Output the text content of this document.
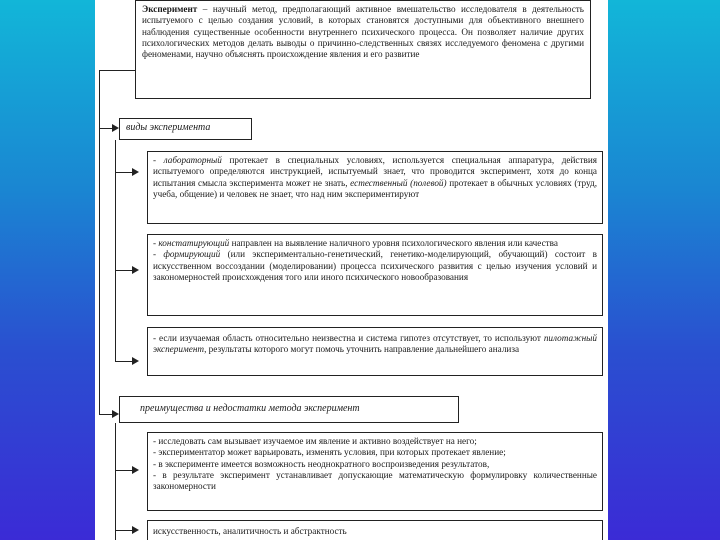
Эксперимент – научный метод, предполагающий активное вмешательство исследователя в деятельность испытуемого с целью создания условий, в которых становятся доступными для объективного внешнего наблюдения существенные особенности внутреннего психического процесса. Он позволяет наличие других психологических методов делать выводы о причинно-следственных связях исследуемого феномена с другими феноменами, научно объяснять происхождение явления и его развитие

виды эксперимента

- лабораторный протекает в специальных условиях, используется специальная аппаратура, действия испытуемого определяются инструкцией, испытуемый знает, что проводится эксперимент, хотя до конца испытания смысла эксперимента может не знать, естественный (полевой) протекает в обычных условиях (труд, учеба, общение) и человек не знает, что над ним экспериментируют

- констатирующий направлен на выявление наличного уровня психологического явления или качества

- формирующий (или экспериментально-генетический, генетико-моделирующий, обучающий) состоит в искусственном воссоздании (моделировании) процесса психического развития с целью изучения условий и закономерностей происхождения того или иного психического новообразования

- если изучаемая область относительно неизвестна и система гипотез отсутствует, то используют пилотажный эксперимент, результаты которого могут помочь уточнить направление дальнейшего анализа

преимущества и недостатки метода эксперимент

- исследовать сам вызывает изучаемое им явление и активно воздействует на него;

- экспериментатор может варьировать, изменять условия, при которых протекает явление;

- в эксперименте имеется возможность неоднократного воспроизведения результатов,

- в результате эксперимент устанавливает допускающие математическую формулировку количественные закономерности

искусственность, аналитичность и абстрактность
